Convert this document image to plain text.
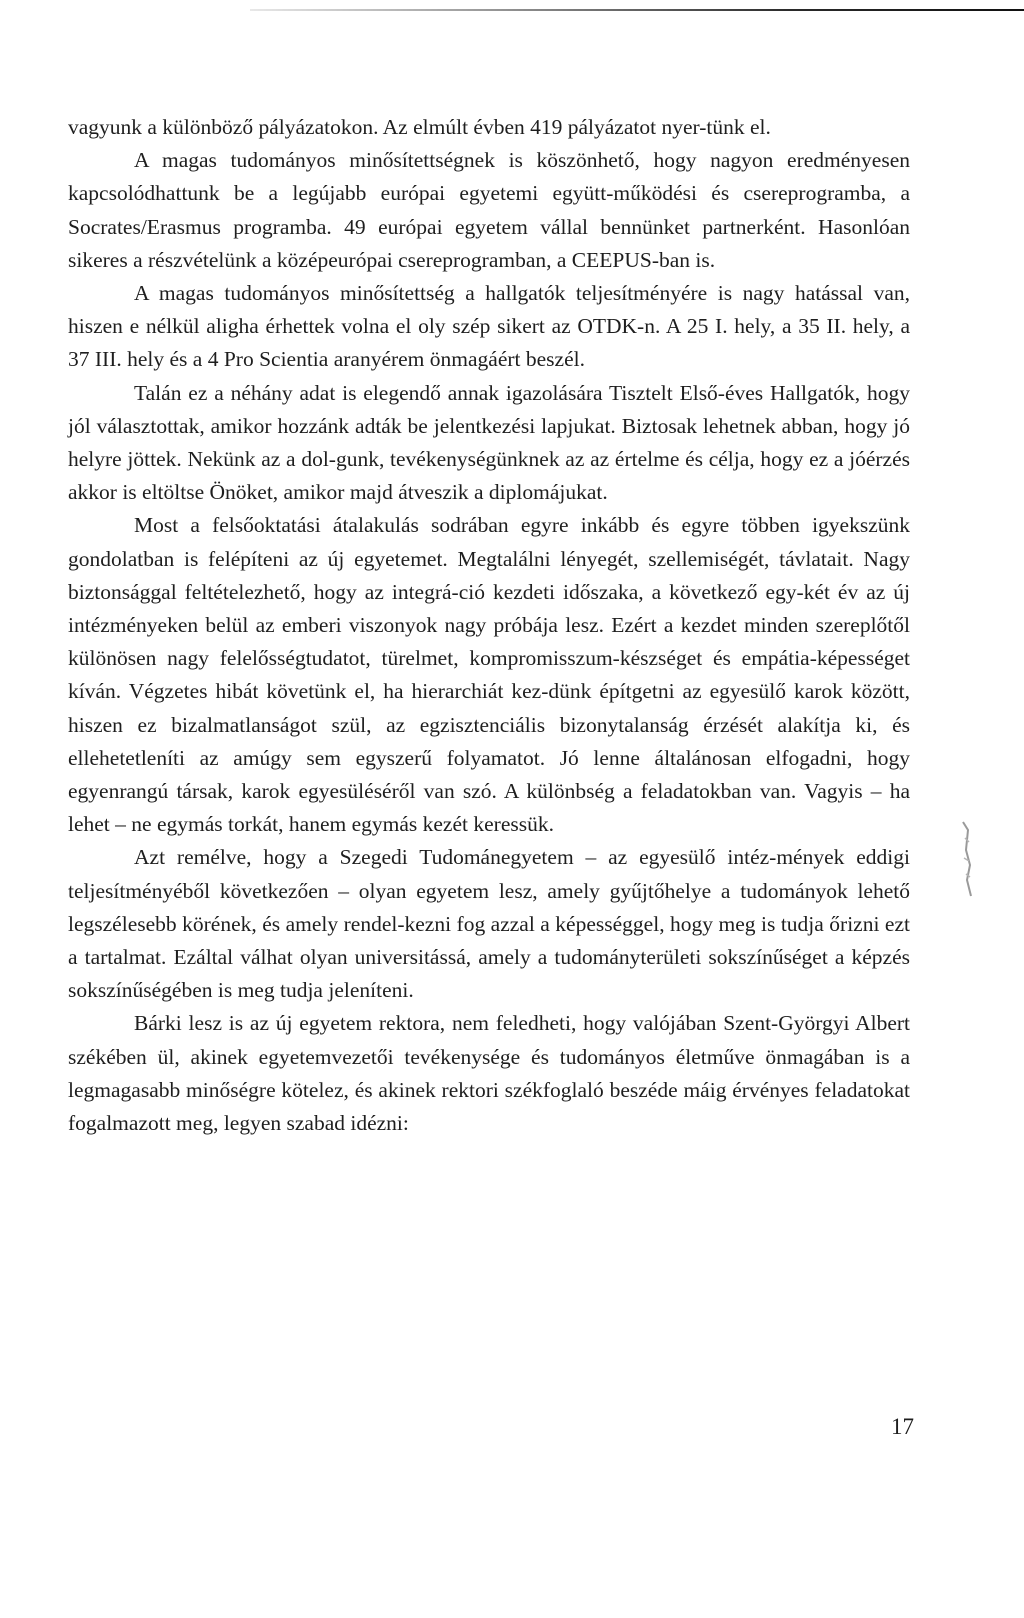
vagyunk a különböző pályázatokon. Az elmúlt évben 419 pályázatot nyer-tünk el.

A magas tudományos minősítettségnek is köszönhető, hogy nagyon eredményesen kapcsolódhattunk be a legújabb európai egyetemi együtt-működési és csereprogramba, a Socrates/Erasmus programba. 49 európai egyetem vállal bennünket partnerként. Hasonlóan sikeres a részvételünk a középeurópai csereprogramban, a CEEPUS-ban is.

A magas tudományos minősítettség a hallgatók teljesítményére is nagy hatással van, hiszen e nélkül aligha érhettek volna el oly szép sikert az OTDK-n. A 25 I. hely, a 35 II. hely, a 37 III. hely és a 4 Pro Scientia aranyérem önmagáért beszél.

Talán ez a néhány adat is elegendő annak igazolására Tisztelt Első-éves Hallgatók, hogy jól választottak, amikor hozzánk adták be jelentkezési lapjukat. Biztosak lehetnek abban, hogy jó helyre jöttek. Nekünk az a dol-gunk, tevékenységünknek az az értelme és célja, hogy ez a jóérzés akkor is eltöltse Önöket, amikor majd átveszik a diplomájukat.

Most a felsőoktatási átalakulás sodrában egyre inkább és egyre többen igyekszünk gondolatban is felépíteni az új egyetemet. Megtalálni lényegét, szellemiségét, távlatait. Nagy biztonsággal feltételezhető, hogy az integrá-ció kezdeti időszaka, a következő egy-két év az új intézményeken belül az emberi viszonyok nagy próbája lesz. Ezért a kezdet minden szereplőtől különösen nagy felelősségtudatot, türelmet, kompromisszum-készséget és empátia-képességet kíván. Végzetes hibát követünk el, ha hierarchiát kez-dünk építgetni az egyesülő karok között, hiszen ez bizalmatlanságot szül, az egzisztenciális bizonytalanság érzését alakítja ki, és ellehetetleníti az amúgy sem egyszerű folyamatot. Jó lenne általánosan elfogadni, hogy egyenrangú társak, karok egyesüléséről van szó. A különbség a feladatokban van. Vagyis – ha lehet – ne egymás torkát, hanem egymás kezét keressük.

Azt remélve, hogy a Szegedi Tudománegyetem – az egyesülő intéz-mények eddigi teljesítményéből következően – olyan egyetem lesz, amely gyűjtőhelye a tudományok lehető legszélesebb körének, és amely rendel-kezni fog azzal a képességgel, hogy meg is tudja őrizni ezt a tartalmat. Ezáltal válhat olyan universitássá, amely a tudományterületi sokszínűséget a képzés sokszínűségében is meg tudja jeleníteni.

Bárki lesz is az új egyetem rektora, nem feledheti, hogy valójában Szent-Györgyi Albert székében ül, akinek egyetemvezetői tevékenysége és tudományos életműve önmagában is a legmagasabb minőségre kötelez, és akinek rektori székfoglaló beszéde máig érvényes feladatokat fogalmazott meg, legyen szabad idézni:

17
